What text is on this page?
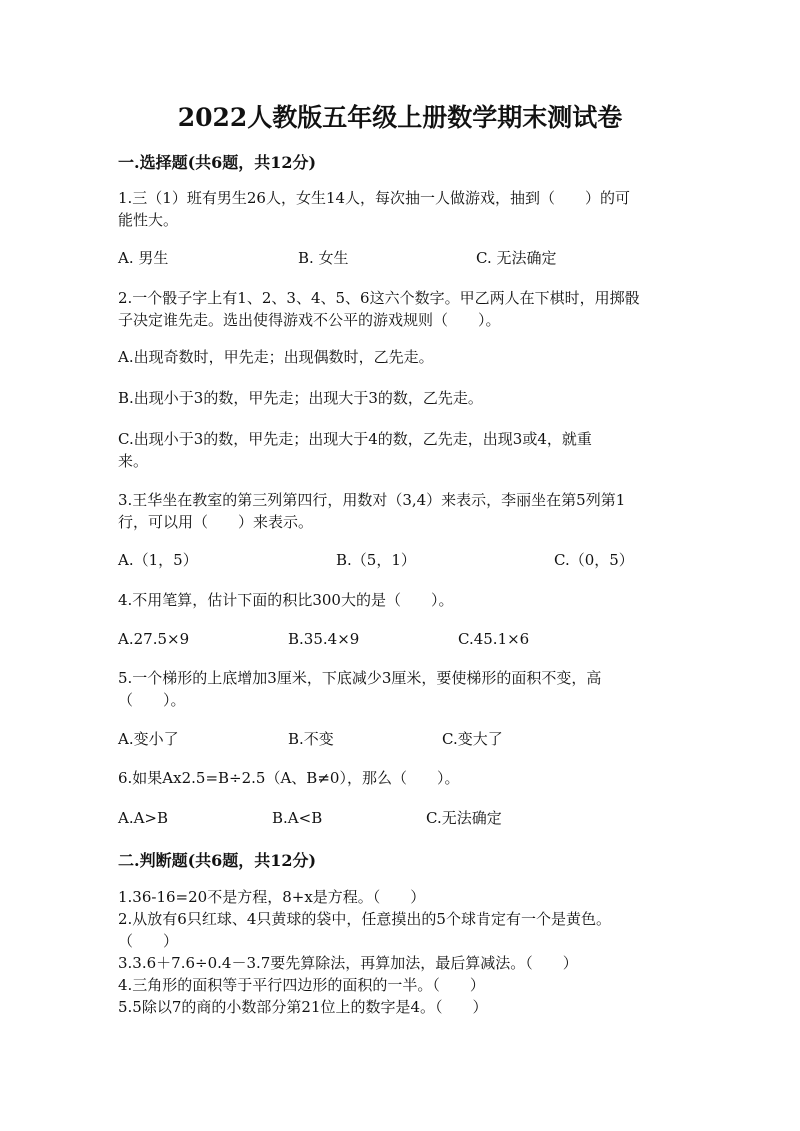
2022人教版五年级上册数学期末测试卷
一.选择题(共6题，共12分)

1.三（1）班有男生26人，女生14人，每次抽一人做游戏，抽到（　　）的可

能性大。

A. 男生	B. 女生	C. 无法确定

2.一个骰子字上有1、2、3、4、5、6这六个数字。甲乙两人在下棋时，用掷骰

子决定谁先走。选出使得游戏不公平的游戏规则（　　）。

A.出现奇数时，甲先走；出现偶数时，乙先走。

B.出现小于3的数，甲先走；出现大于3的数，乙先走。

C.出现小于3的数，甲先走；出现大于4的数，乙先走，出现3或4，就重

来。

3.王华坐在教室的第三列第四行，用数对（3,4）来表示，李丽坐在第5列第1

行，可以用（　　）来表示。

A.（1，5）	B.（5，1）	C.（0，5）

4.不用笔算，估计下面的积比300大的是（　　）。

A.27.5×9	B.35.4×9	C.45.1×6

5.一个梯形的上底增加3厘米，下底减少3厘米，要使梯形的面积不变，高

（　　）。

A.变小了	B.不变	C.变大了

6.如果Ax2.5=B÷2.5（A、B≠0），那么（　　）。

A.A>B	B.A<B	C.无法确定
二.判断题(共6题，共12分)

1.36-16=20不是方程，8+x是方程。（　　）

2.从放有6只红球、4只黄球的袋中，任意摸出的5个球肯定有一个是黄色。

（　　）

3.3.6＋7.6÷0.4－3.7要先算除法，再算加法，最后算减法。（　　）

4.三角形的面积等于平行四边形的面积的一半。（　　）

5.5除以7的商的小数部分第21位上的数字是4。（　　）
